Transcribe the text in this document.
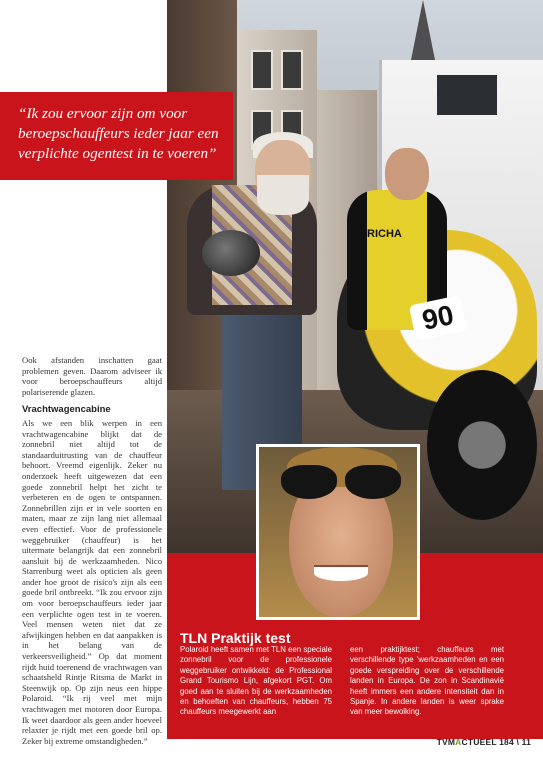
RICHA
90

“Ik zou ervoor zijn om voor beroepschauffeurs ieder jaar een verplichte ogentest in te voeren”

Ook afstanden inschatten gaat problemen geven. Daarom adviseer ik voor beroepschauffeurs altijd polariserende glazen.

Vrachtwagencabine

Als we een blik werpen in een vrachtwagencabine blijkt dat de zonnebril niet altijd tot de standaarduitrusting van de chauffeur behoort. Vreemd eigenlijk. Zeker nu onderzoek heeft uitgewezen dat een goede zonnebril helpt het zicht te verbeteren en de ogen te ontspannen. Zonnebrillen zijn er in vele soorten en maten, maar ze zijn lang niet allemaal even effectief. Voor de professionele weggebruiker (chauffeur) is het uitermate belangrijk dat een zonnebril aansluit bij de werkzaamheden. Nico Starrenburg weet als opticien als geen ander hoe groot de risico's zijn als een goede bril ontbreekt. “Ik zou ervoor zijn om voor beroepschauffeurs ieder jaar een verplichte ogen test in te voeren. Veel mensen weten niet dat ze afwijkingen hebben en dat aanpakken is in het belang van de verkeersveiligheid.” Op dat moment rijdt huid toerenend de vrachtwagen van schaatsheld Rintje Ritsma de Markt in Steenwijk op. Op zijn neus een hippe Polaroid. “Ik rij veel met mijn vrachtwagen met motoren door Europa. Ik weet daardoor als geen ander hoeveel relaxter je rijdt met een goede bril op. Zeker bij extreme omstandigheden.”

TLN Praktijk test

Polaroid heeft samen met TLN een speciale zonnebril voor de professionele weggebruiker ontwikkeld: de Professional Grand Tourismo Lijn, afgekort PGT. Om goed aan te sluiten bij de werkzaamheden en behoeften van chauffeurs, hebben 75 chauffeurs meegewerkt aan

een praktijktest; chauffeurs met verschillende type 'werkzaamheden en een goede verspreiding over de verschillende landen in Europa. De zon in Scandinavië heeft immers een andere intensiteit dan in Spanje. In andere landen is weer sprake van meer bewolking.

TVMACTUEEL 184 \ 11
